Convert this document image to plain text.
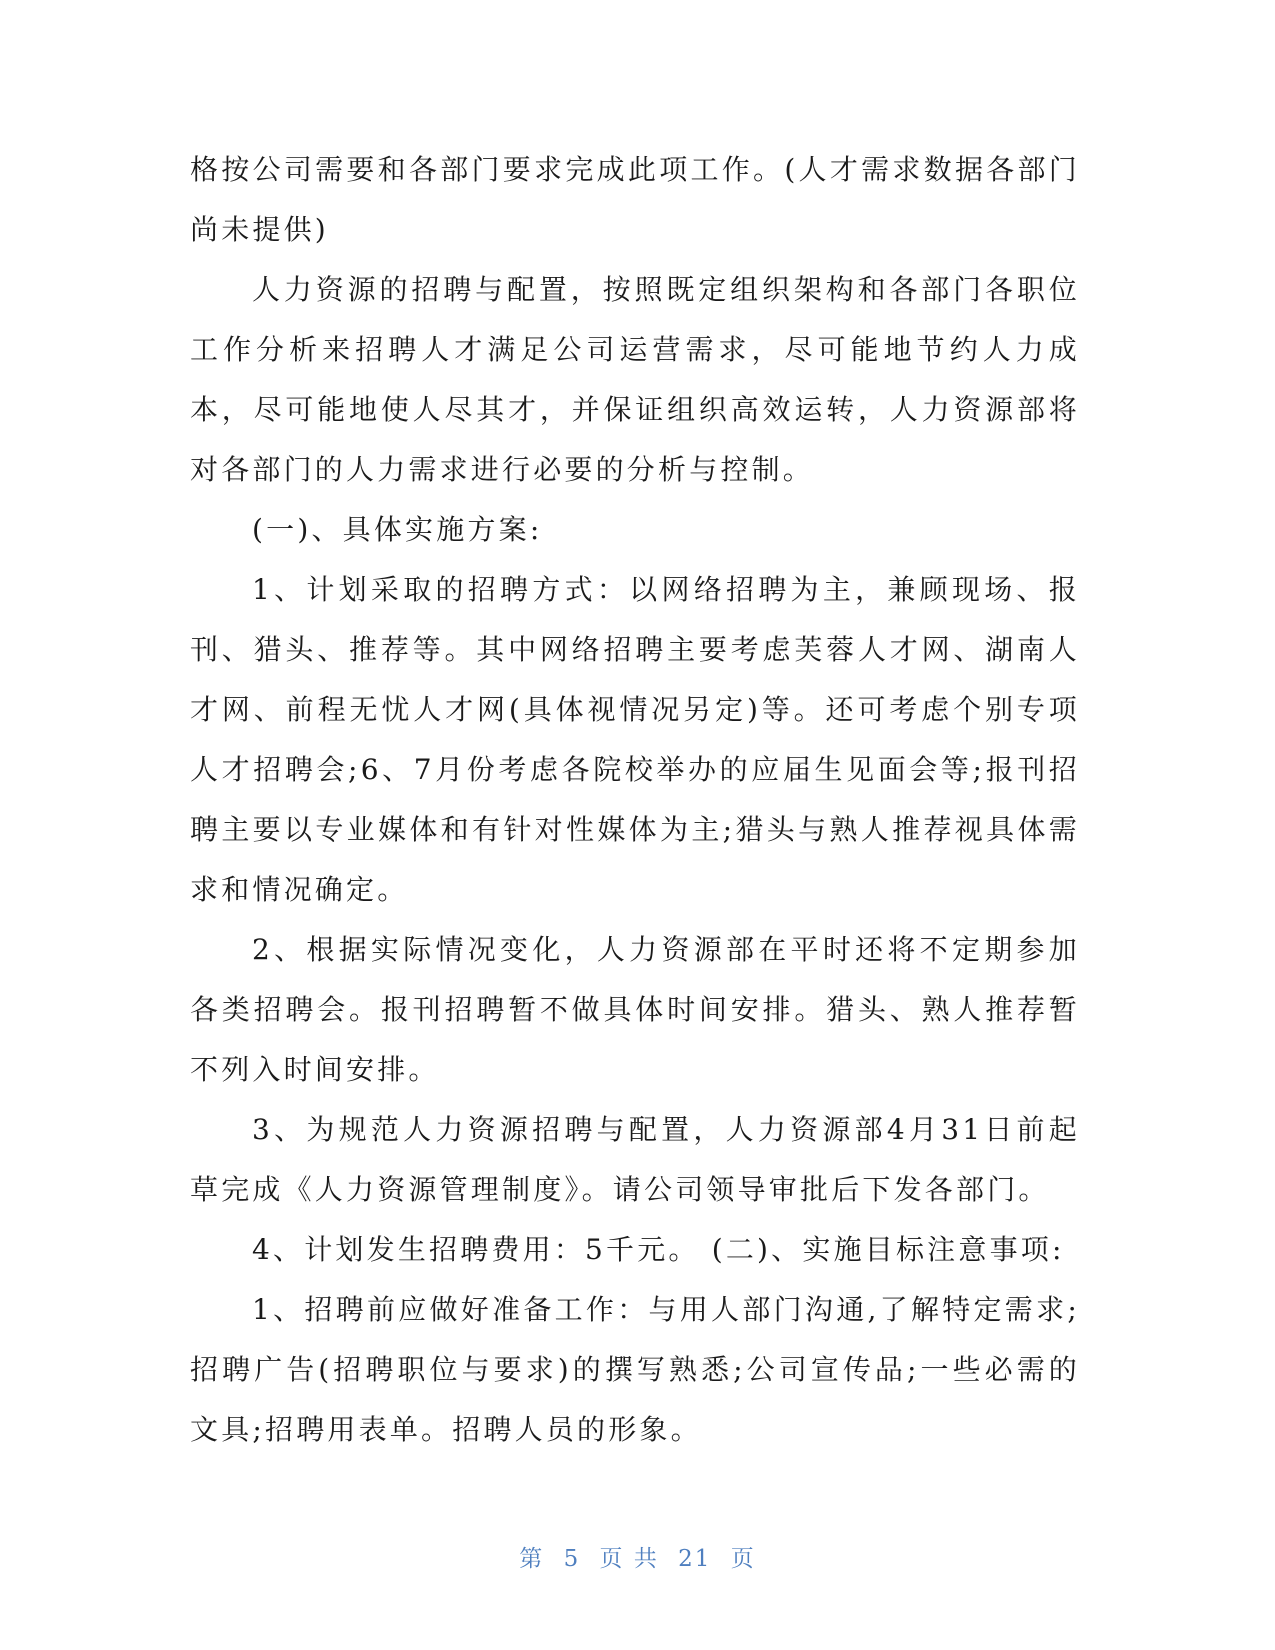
格按公司需要和各部门要求完成此项工作。(人才需求数据各部门尚未提供)

人力资源的招聘与配置，按照既定组织架构和各部门各职位工作分析来招聘人才满足公司运营需求，尽可能地节约人力成本，尽可能地使人尽其才，并保证组织高效运转，人力资源部将对各部门的人力需求进行必要的分析与控制。

(一)、具体实施方案:

1、计划采取的招聘方式：以网络招聘为主，兼顾现场、报刊、猎头、推荐等。其中网络招聘主要考虑芙蓉人才网、湖南人才网、前程无忧人才网(具体视情况另定)等。还可考虑个别专项人才招聘会;6、7月份考虑各院校举办的应届生见面会等;报刊招聘主要以专业媒体和有针对性媒体为主;猎头与熟人推荐视具体需求和情况确定。

2、根据实际情况变化，人力资源部在平时还将不定期参加各类招聘会。报刊招聘暂不做具体时间安排。猎头、熟人推荐暂不列入时间安排。

3、为规范人力资源招聘与配置，人力资源部4月31日前起草完成《人力资源管理制度》。请公司领导审批后下发各部门。

4、计划发生招聘费用：5千元。 (二)、实施目标注意事项:

1、招聘前应做好准备工作：与用人部门沟通,了解特定需求;招聘广告(招聘职位与要求)的撰写熟悉;公司宣传品;一些必需的文具;招聘用表单。招聘人员的形象。

第 5 页 共 21 页
